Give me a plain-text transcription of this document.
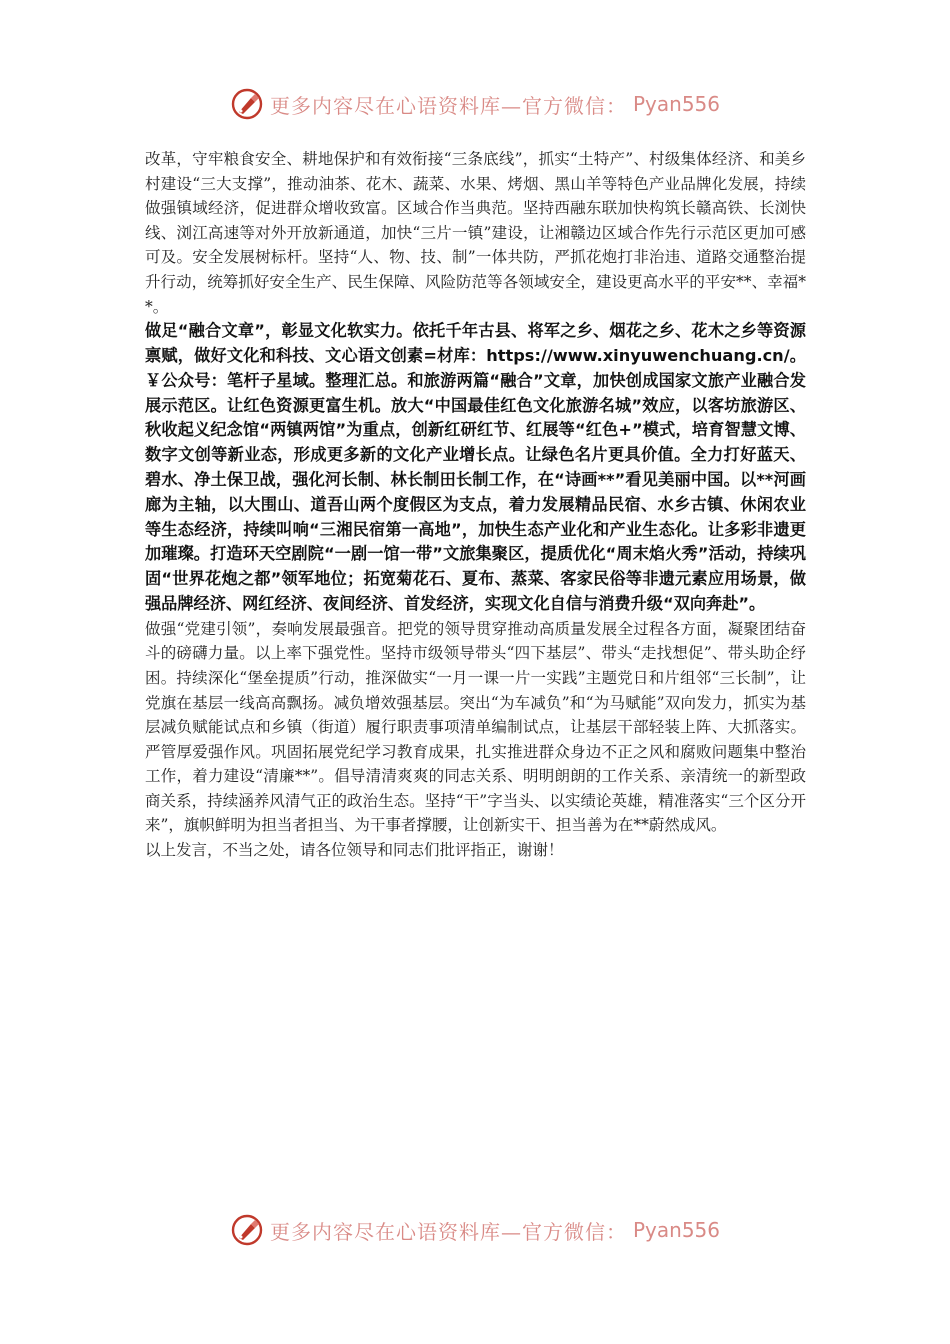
更多内容尽在心语资料库—官方微信： Pyan556

改革，守牢粮食安全、耕地保护和有效衔接“三条底线”，抓实“土特产”、村级集体经济、和美乡村建设“三大支撑”，推动油茶、花木、蔬菜、水果、烤烟、黑山羊等特色产业品牌化发展，持续做强镇域经济，促进群众增收致富。区域合作当典范。坚持西融东联加快构筑长赣高铁、长浏快线、浏江高速等对外开放新通道，加快“三片一镇”建设，让湘赣边区域合作先行示范区更加可感可及。安全发展树标杆。坚持“人、物、技、制”一体共防，严抓花炮打非治违、道路交通整治提升行动，统筹抓好安全生产、民生保障、风险防范等各领域安全，建设更高水平的平安**、幸福**。

做足“融合文章”，彰显文化软实力。依托千年古县、将军之乡、烟花之乡、花木之乡等资源禀赋，做好文化和科技、文心语文创素=材库：https://www.xinyuwenchuang.cn/。￥公众号：笔杆子星域。整理汇总。和旅游两篇“融合”文章，加快创成国家文旅产业融合发展示范区。让红色资源更富生机。放大“中国最佳红色文化旅游名城”效应，以客坊旅游区、秋收起义纪念馆“两镇两馆”为重点，创新红研红节、红展等“红色+”模式，培育智慧文博、数字文创等新业态，形成更多新的文化产业增长点。让绿色名片更具价值。全力打好蓝天、碧水、净土保卫战，强化河长制、林长制田长制工作，在“诗画**”看见美丽中国。以**河画廊为主轴，以大围山、道吾山两个度假区为支点，着力发展精品民宿、水乡古镇、休闲农业等生态经济，持续叫响“三湘民宿第一高地”，加快生态产业化和产业生态化。让多彩非遗更加璀璨。打造环天空剧院“一剧一馆一带”文旅集聚区，提质优化“周末焰火秀”活动，持续巩固“世界花炮之都”领军地位；拓宽菊花石、夏布、蒸菜、客家民俗等非遗元素应用场景，做强品牌经济、网红经济、夜间经济、首发经济，实现文化自信与消费升级“双向奔赴”。

做强“党建引领”，奏响发展最强音。把党的领导贯穿推动高质量发展全过程各方面，凝聚团结奋斗的磅礴力量。以上率下强党性。坚持市级领导带头“四下基层”、带头“走找想促”、带头助企纾困。持续深化“堡垒提质”行动，推深做实“一月一课一片一实践”主题党日和片组邻“三长制”，让党旗在基层一线高高飘扬。减负增效强基层。突出“为车减负”和“为马赋能”双向发力，抓实为基层减负赋能试点和乡镇（街道）履行职责事项清单编制试点，让基层干部轻装上阵、大抓落实。严管厚爱强作风。巩固拓展党纪学习教育成果，扎实推进群众身边不正之风和腐败问题集中整治工作，着力建设“清廉**”。倡导清清爽爽的同志关系、明明朗朗的工作关系、亲清统一的新型政商关系，持续涵养风清气正的政治生态。坚持“干”字当头、以实绩论英雄，精准落实“三个区分开来”，旗帜鲜明为担当者担当、为干事者撑腰，让创新实干、担当善为在**蔚然成风。

以上发言，不当之处，请各位领导和同志们批评指正，谢谢！

更多内容尽在心语资料库—官方微信： Pyan556
